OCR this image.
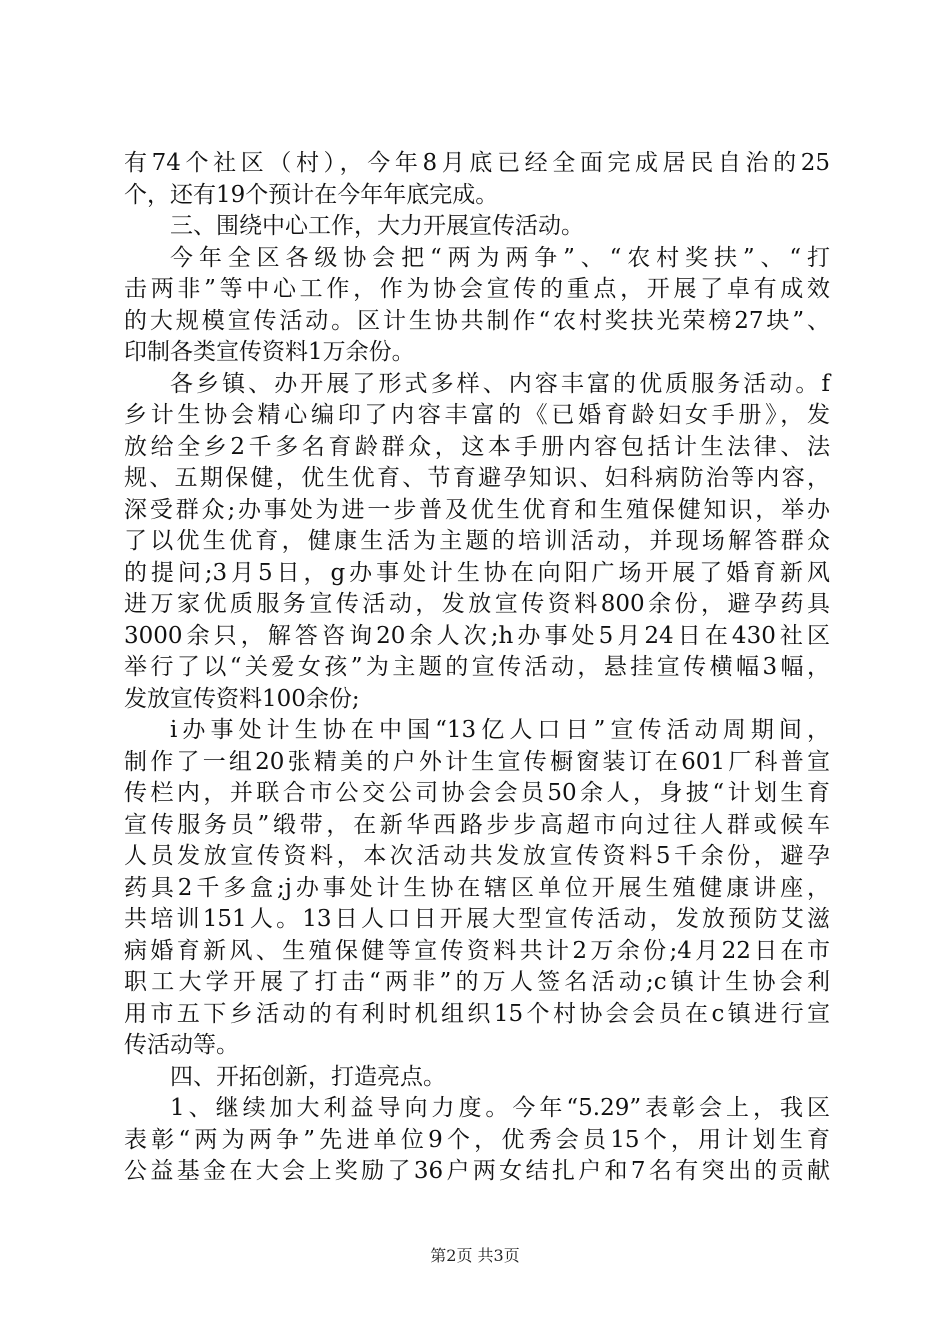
有74个社区（村），今年8月底已经全面完成居民自治的25
个，还有19个预计在今年年底完成。
三、围绕中心工作，大力开展宣传活动。
今年全区各级协会把“两为两争”、“农村奖扶”、“打
击两非”等中心工作，作为协会宣传的重点，开展了卓有成效
的大规模宣传活动。区计生协共制作“农村奖扶光荣榜27块”、
印制各类宣传资料1万余份。
各乡镇、办开展了形式多样、内容丰富的优质服务活动。f
乡计生协会精心编印了内容丰富的《已婚育龄妇女手册》，发
放给全乡2千多名育龄群众，这本手册内容包括计生法律、法
规、五期保健，优生优育、节育避孕知识、妇科病防治等内容，
深受群众;办事处为进一步普及优生优育和生殖保健知识，举办
了以优生优育，健康生活为主题的培训活动，并现场解答群众
的提问;3月5日，g办事处计生协在向阳广场开展了婚育新风
进万家优质服务宣传活动，发放宣传资料800余份，避孕药具
3000余只，解答咨询20余人次;h办事处5月24日在430社区
举行了以“关爱女孩”为主题的宣传活动，悬挂宣传横幅3幅，
发放宣传资料100余份;
i办事处计生协在中国“13亿人口日”宣传活动周期间，
制作了一组20张精美的户外计生宣传橱窗装订在601厂科普宣
传栏内，并联合市公交公司协会会员50余人，身披“计划生育
宣传服务员”缎带，在新华西路步步高超市向过往人群或候车
人员发放宣传资料，本次活动共发放宣传资料5千余份，避孕
药具2千多盒;j办事处计生协在辖区单位开展生殖健康讲座，
共培训151人。13日人口日开展大型宣传活动，发放预防艾滋
病婚育新风、生殖保健等宣传资料共计2万余份;4月22日在市
职工大学开展了打击“两非”的万人签名活动;c镇计生协会利
用市五下乡活动的有利时机组织15个村协会会员在c镇进行宣
传活动等。
四、开拓创新，打造亮点。
1、继续加大利益导向力度。今年“5.29”表彰会上，我区
表彰“两为两争”先进单位9个，优秀会员15个，用计划生育
公益基金在大会上奖励了36户两女结扎户和7名有突出的贡献
第2页 共3页
